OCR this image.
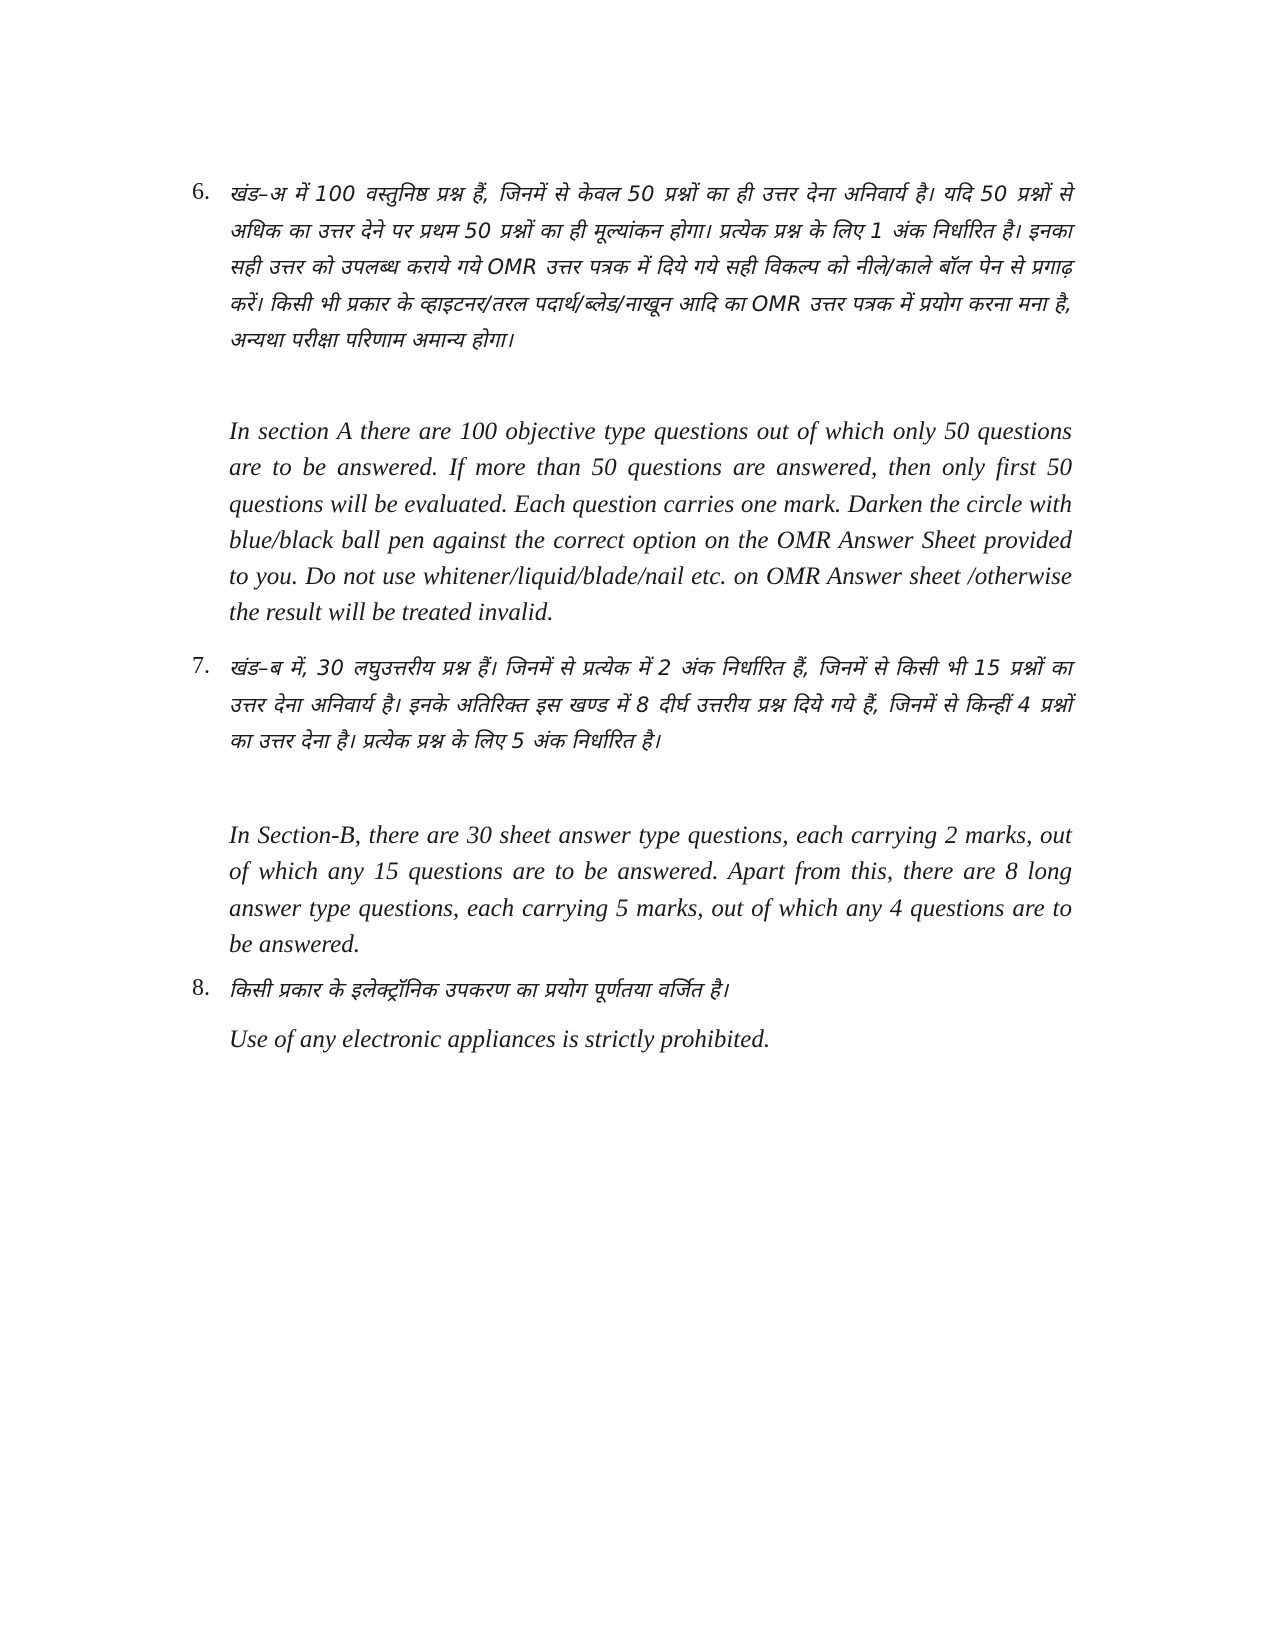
6. खंड–अ में 100 वस्तुनिष्ठ प्रश्न हैं, जिनमें से केवल 50 प्रश्नों का ही उत्तर देना अनिवार्य है। यदि 50 प्रश्नों से अधिक का उत्तर देने पर प्रथम 50 प्रश्नों का ही मूल्यांकन होगा। प्रत्येक प्रश्न के लिए 1 अंक निर्धारित है। इनका सही उत्तर को उपलब्ध कराये गये OMR उत्तर पत्रक में दिये गये सही विकल्प को नीले/काले बॉल पेन से प्रगाढ़ करें। किसी भी प्रकार के व्हाइटनर/तरल पदार्थ/ब्लेड/नाखून आदि का OMR उत्तर पत्रक में प्रयोग करना मना है, अन्यथा परीक्षा परिणाम अमान्य होगा।
In section A there are 100 objective type questions out of which only 50 questions are to be answered. If more than 50 questions are answered, then only first 50 questions will be evaluated. Each question carries one mark. Darken the circle with blue/black ball pen against the correct option on the OMR Answer Sheet provided to you. Do not use whitener/liquid/blade/nail etc. on OMR Answer sheet /otherwise the result will be treated invalid.
7. खंड–ब में, 30 लघुउत्तरीय प्रश्न हैं। जिनमें से प्रत्येक में 2 अंक निर्धारित हैं, जिनमें से किसी भी 15 प्रश्नों का उत्तर देना अनिवार्य है। इनके अतिरिक्त इस खण्ड में 8 दीर्घ उत्तरीय प्रश्न दिये गये हैं, जिनमें से किन्हीं 4 प्रश्नों का उत्तर देना है। प्रत्येक प्रश्न के लिए 5 अंक निर्धारित है।
In Section-B, there are 30 sheet answer type questions, each carrying 2 marks, out of which any 15 questions are to be answered. Apart from this, there are 8 long answer type questions, each carrying 5 marks, out of which any 4 questions are to be answered.
8. किसी प्रकार के इलेक्ट्रॉनिक उपकरण का प्रयोग पूर्णतया वर्जित है।
Use of any electronic appliances is strictly prohibited.
